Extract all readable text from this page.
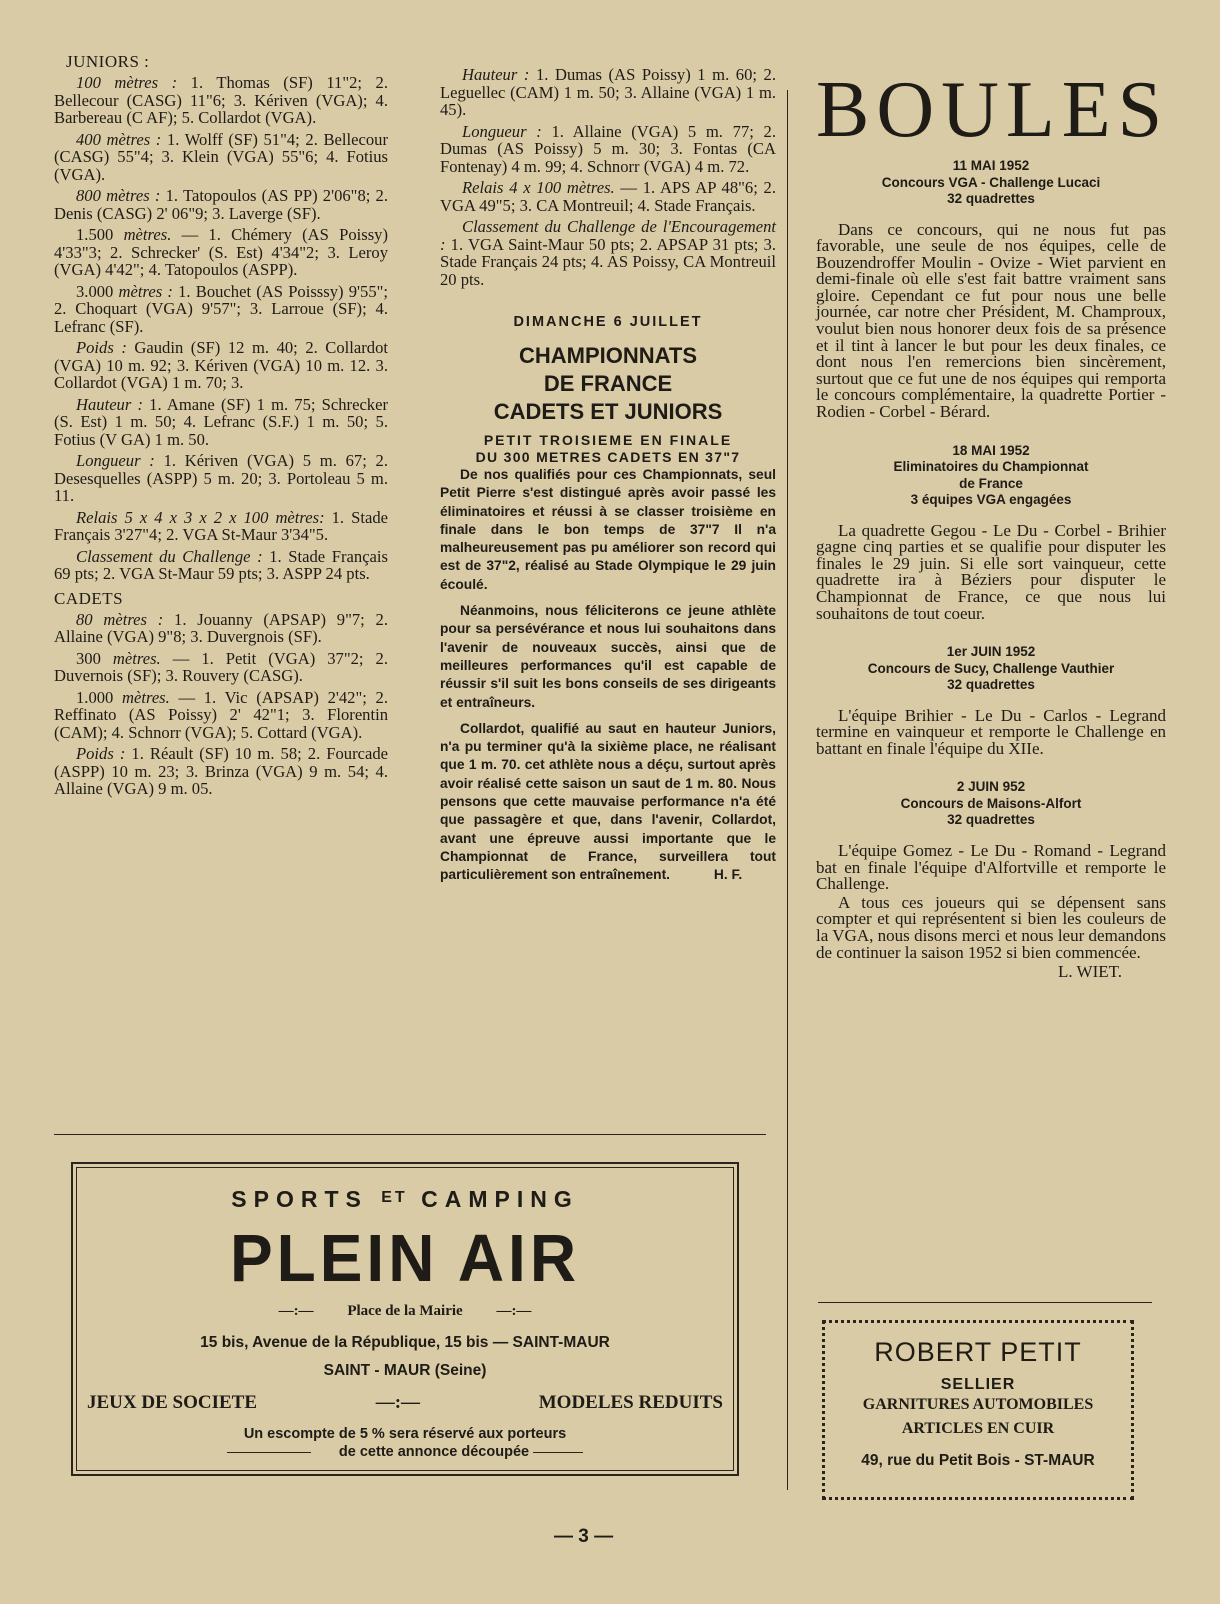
JUNIORS :

100 mètres : 1. Thomas (SF) 11"2; 2. Bellecour (CASG) 11"6; 3. Kériven (VGA); 4. Barbereau (C AF); 5. Collardot (VGA).

400 mètres : 1. Wolff (SF) 51"4; 2. Bellecour (CASG) 55"4; 3. Klein (VGA) 55"6; 4. Fotius (VGA).

800 mètres : 1. Tatopoulos (AS PP) 2'06"8; 2. Denis (CASG) 2' 06"9; 3. Laverge (SF).

1.500 mètres. — 1. Chémery (AS Poissy) 4'33"3; 2. Schrecker' (S. Est) 4'34"2; 3. Leroy (VGA) 4'42"; 4. Tatopoulos (ASPP).

3.000 mètres : 1. Bouchet (AS Poisssy) 9'55"; 2. Choquart (VGA) 9'57"; 3. Larroue (SF); 4. Lefranc (SF).

Poids : Gaudin (SF) 12 m. 40; 2. Collardot (VGA) 10 m. 92; 3. Kériven (VGA) 10 m. 12. 3. Collardot (VGA) 1 m. 70; 3.

Hauteur : 1. Amane (SF) 1 m. 75; Schrecker (S. Est) 1 m. 50; 4. Lefranc (S.F.) 1 m. 50; 5. Fotius (V GA) 1 m. 50.

Longueur : 1. Kériven (VGA) 5 m. 67; 2. Desesquelles (ASPP) 5 m. 20; 3. Portoleau 5 m. 11.

Relais 5 x 4 x 3 x 2 x 100 mètres: 1. Stade Français 3'27"4; 2. VGA St-Maur 3'34"5.

Classement du Challenge : 1. Stade Français 69 pts; 2. VGA St-Maur 59 pts; 3. ASPP 24 pts.

CADETS

80 mètres : 1. Jouanny (APSAP) 9"7; 2. Allaine (VGA) 9"8; 3. Duvergnois (SF).

300 mètres. — 1. Petit (VGA) 37"2; 2. Duvernois (SF); 3. Rouvery (CASG).

1.000 mètres. — 1. Vic (APSAP) 2'42"; 2. Reffinato (AS Poissy) 2' 42"1; 3. Florentin (CAM); 4. Schnorr (VGA); 5. Cottard (VGA).

Poids : 1. Réault (SF) 10 m. 58; 2. Fourcade (ASPP) 10 m. 23; 3. Brinza (VGA) 9 m. 54; 4. Allaine (VGA) 9 m. 05.

Hauteur : 1. Dumas (AS Poissy) 1 m. 60; 2. Leguellec (CAM) 1 m. 50; 3. Allaine (VGA) 1 m. 45).

Longueur : 1. Allaine (VGA) 5 m. 77; 2. Dumas (AS Poissy) 5 m. 30; 3. Fontas (CA Fontenay) 4 m. 99; 4. Schnorr (VGA) 4 m. 72.

Relais 4 x 100 mètres. — 1. APS AP 48"6; 2. VGA 49"5; 3. CA Montreuil; 4. Stade Français.

Classement du Challenge de l'Encouragement : 1. VGA Saint-Maur 50 pts; 2. APSAP 31 pts; 3. Stade Français 24 pts; 4. AS Poissy, CA Montreuil 20 pts.

DIMANCHE 6 JUILLET

CHAMPIONNATS

DE FRANCE

CADETS ET JUNIORS

PETIT TROISIEME EN FINALE

DU 300 METRES CADETS EN 37"7

De nos qualifiés pour ces Championnats, seul Petit Pierre s'est distingué après avoir passé les éliminatoires et réussi à se classer troisième en finale dans le bon temps de 37"7 Il n'a malheureusement pas pu améliorer son record qui est de 37"2, réalisé au Stade Olympique le 29 juin écoulé.

Néanmoins, nous féliciterons ce jeune athlète pour sa persévérance et nous lui souhaitons dans l'avenir de nouveaux succès, ainsi que de meilleures performances qu'il est capable de réussir s'il suit les bons conseils de ses dirigeants et entraîneurs.

Collardot, qualifié au saut en hauteur Juniors, n'a pu terminer qu'à la sixième place, ne réalisant que 1 m. 70. cet athlète nous a déçu, surtout après avoir réalisé cette saison un saut de 1 m. 80. Nous pensons que cette mauvaise performance n'a été que passagère et que, dans l'avenir, Collardot, avant une épreuve aussi importante que le Championnat de France, surveillera tout particulièrement son entraînement.	H. F.

BOULES

11 MAI 1952

Concours VGA - Challenge Lucaci

32 quadrettes

Dans ce concours, qui ne nous fut pas favorable, une seule de nos équipes, celle de Bouzendroffer Moulin - Ovize - Wiet parvient en demi-finale où elle s'est fait battre vraiment sans gloire. Cependant ce fut pour nous une belle journée, car notre cher Président, M. Champroux, voulut bien nous honorer deux fois de sa présence et il tint à lancer le but pour les deux finales, ce dont nous l'en remercions bien sincèrement, surtout que ce fut une de nos équipes qui remporta le concours complémentaire, la quadrette Portier - Rodien - Corbel - Bérard.

18 MAI 1952

Eliminatoires du Championnat

de France

3 équipes VGA engagées

La quadrette Gegou - Le Du - Corbel - Brihier gagne cinq parties et se qualifie pour disputer les finales le 29 juin. Si elle sort vainqueur, cette quadrette ira à Béziers pour disputer le Championnat de France, ce que nous lui souhaitons de tout coeur.

1er JUIN 1952

Concours de Sucy, Challenge Vauthier

32 quadrettes

L'équipe Brihier - Le Du - Carlos - Legrand termine en vainqueur et remporte le Challenge en battant en finale l'équipe du XIIe.

2 JUIN 952

Concours de Maisons-Alfort

32 quadrettes

L'équipe Gomez - Le Du - Romand - Legrand bat en finale l'équipe d'Alfortville et remporte le Challenge.

A tous ces joueurs qui se dépensent sans compter et qui représentent si bien les couleurs de la VGA, nous disons merci et nous leur demandons de continuer la saison 1952 si bien commencée.

L. WIET.

SPORTS $^{ET}$ CAMPING

PLEIN AIR

—:— Place de la Mairie —:—

15 bis, Avenue de la République, 15 bis — SAINT-MAUR

SAINT - MAUR (Seine)

JEUX DE SOCIETE	—:—	MODELES REDUITS

Un escompte de 5 % sera réservé aux porteurs

de cette annonce découpée

ROBERT PETIT

SELLIER

GARNITURES AUTOMOBILES

ARTICLES EN CUIR

49, rue du Petit Bois - ST-MAUR

— 3 —
